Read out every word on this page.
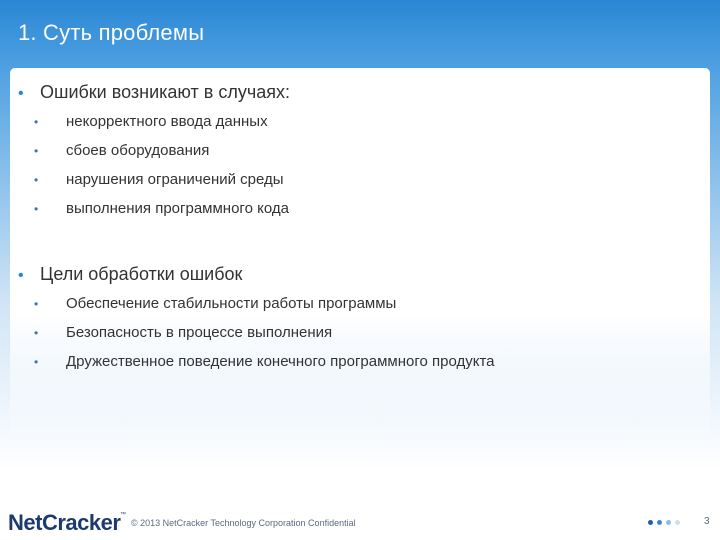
1. Суть проблемы
• Ошибки возникают в случаях:
•	некорректного ввода данных
•	сбоев оборудования
•	нарушения ограничений среды
•	выполнения программного кода
• Цели обработки ошибок
•	Обеспечение стабильности работы программы
•	Безопасность в процессе выполнения
•	Дружественное поведение конечного программного продукта
NetCracker ™
© 2013 NetCracker Technology Corporation Confidential	3
